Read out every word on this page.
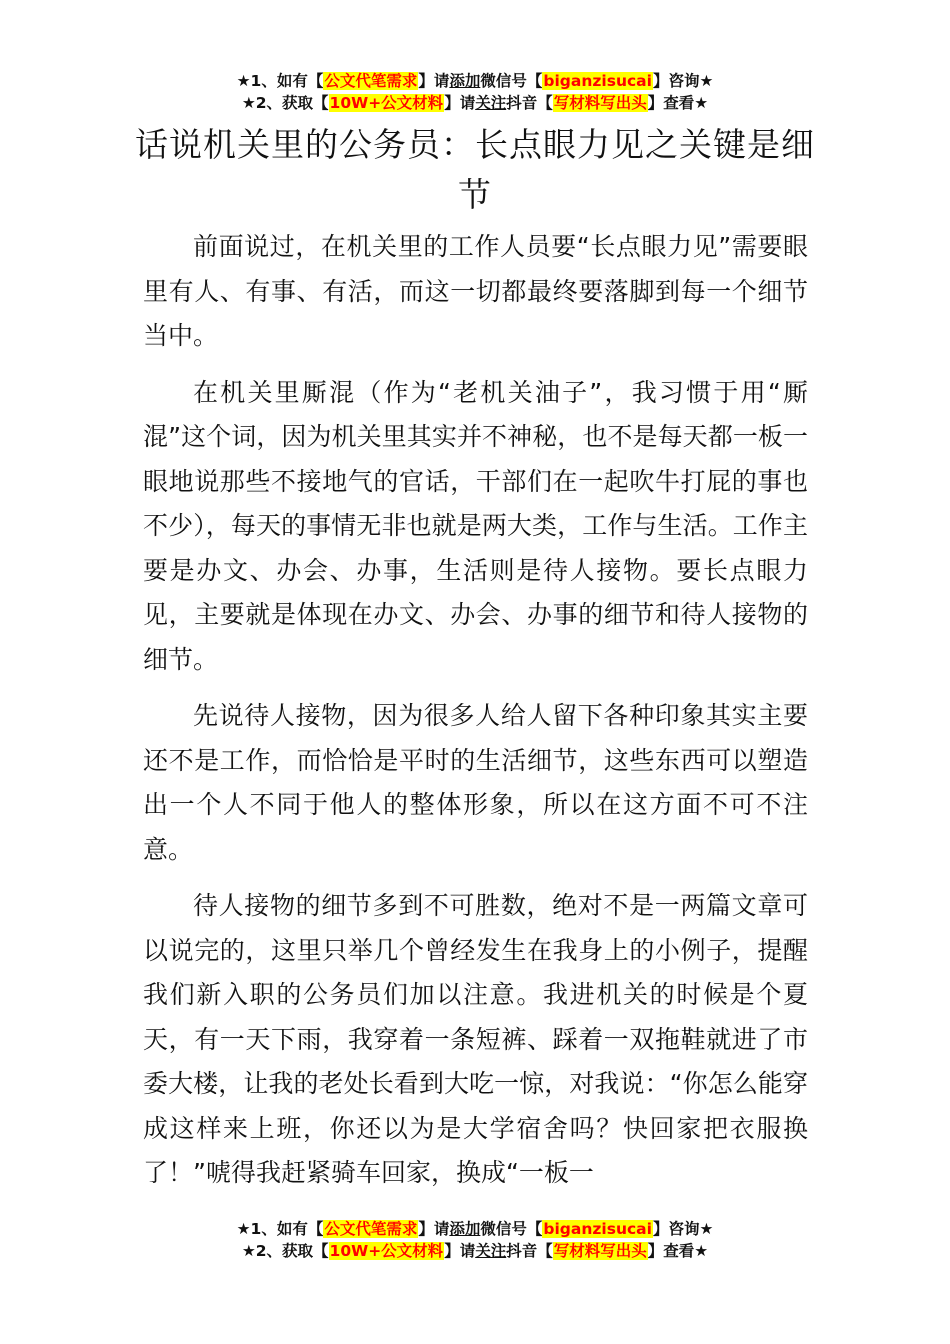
★1、如有【公文代笔需求】请添加微信号【biganzisucai】咨询★
★2、获取【10W+公文材料】请关注抖音【写材料写出头】查看★
话说机关里的公务员：长点眼力见之关键是细节

前面说过，在机关里的工作人员要“长点眼力见”需要眼里有人、有事、有活，而这一切都最终要落脚到每一个细节当中。

在机关里厮混（作为“老机关油子”，我习惯于用“厮混”这个词，因为机关里其实并不神秘，也不是每天都一板一眼地说那些不接地气的官话，干部们在一起吹牛打屁的事也不少），每天的事情无非也就是两大类，工作与生活。工作主要是办文、办会、办事，生活则是待人接物。要长点眼力见，主要就是体现在办文、办会、办事的细节和待人接物的细节。

先说待人接物，因为很多人给人留下各种印象其实主要还不是工作，而恰恰是平时的生活细节，这些东西可以塑造出一个人不同于他人的整体形象，所以在这方面不可不注意。

待人接物的细节多到不可胜数，绝对不是一两篇文章可以说完的，这里只举几个曾经发生在我身上的小例子，提醒我们新入职的公务员们加以注意。我进机关的时候是个夏天，有一天下雨，我穿着一条短裤、踩着一双拖鞋就进了市委大楼，让我的老处长看到大吃一惊，对我说：“你怎么能穿成这样来上班，你还以为是大学宿舍吗？快回家把衣服换了！”唬得我赶紧骑车回家，换成“一板一

★1、如有【公文代笔需求】请添加微信号【biganzisucai】咨询★
★2、获取【10W+公文材料】请关注抖音【写材料写出头】查看★
